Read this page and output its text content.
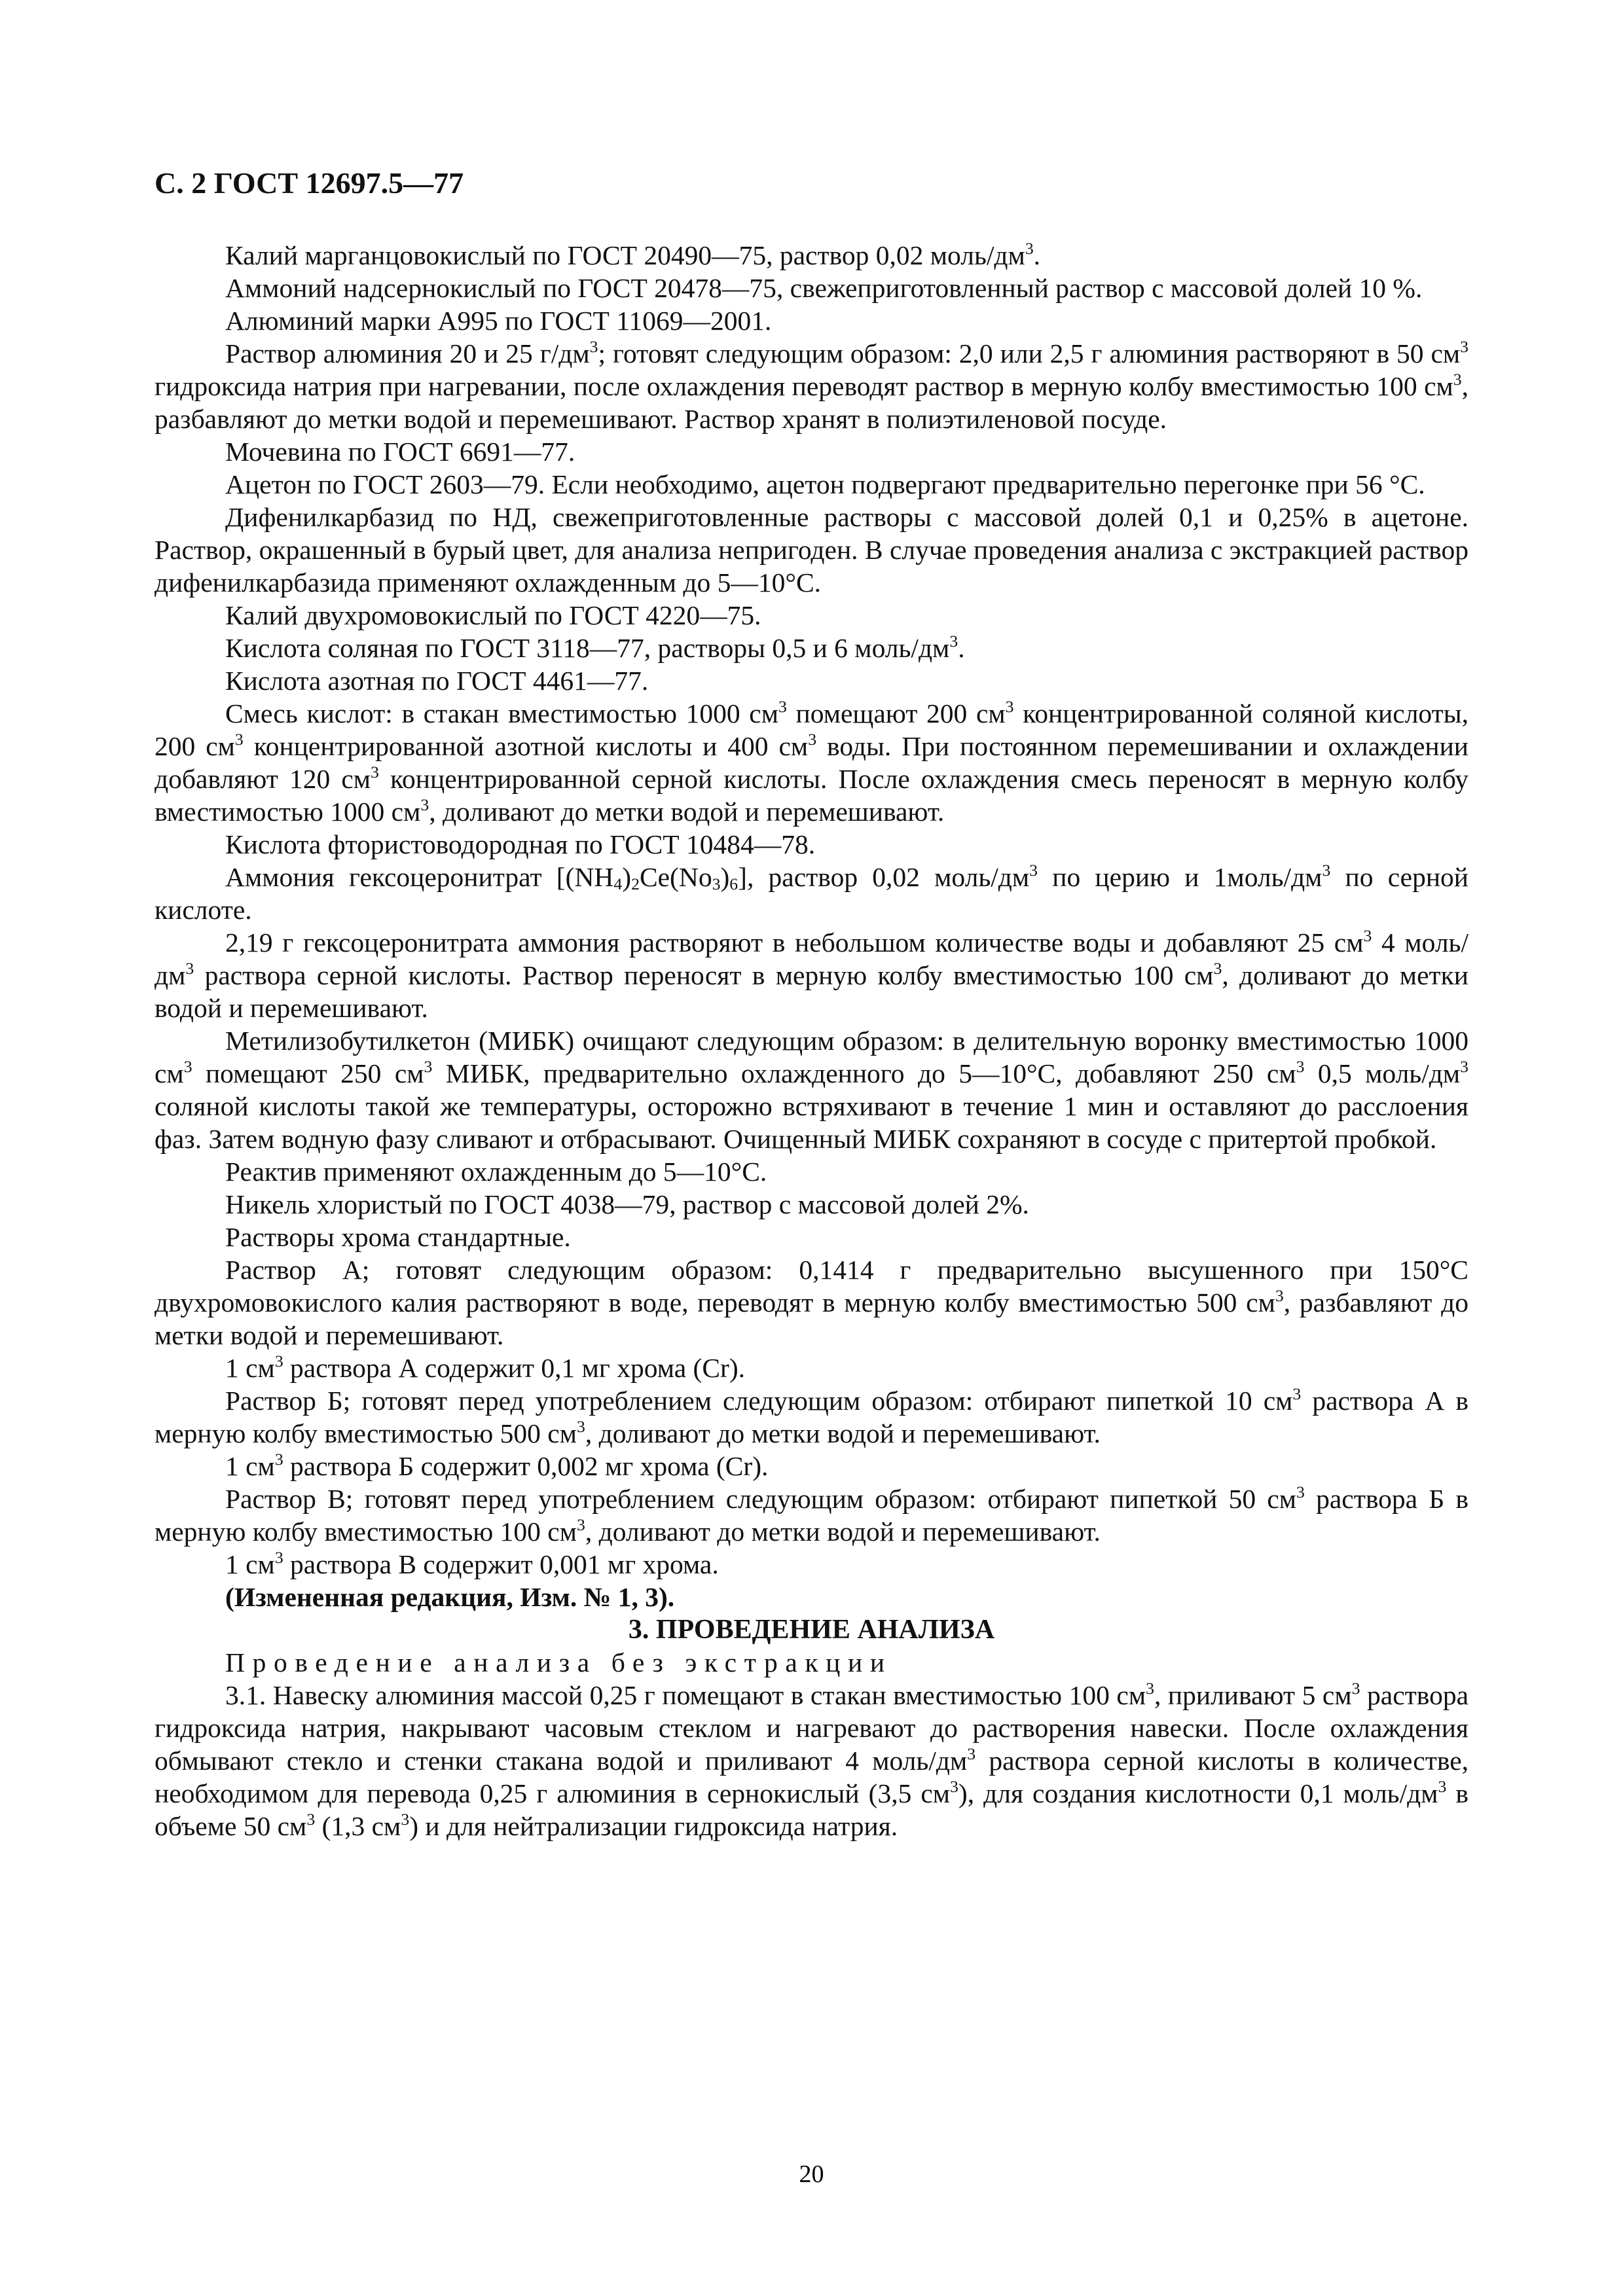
С. 2 ГОСТ 12697.5—77

Калий марганцовокислый по ГОСТ 20490—75, раствор 0,02 моль/$дм^3$.

Аммоний надсернокислый по ГОСТ 20478—75, свежеприготовленный раствор с массовой долей 10 %.

Алюминий марки А995 по ГОСТ 11069—2001.

Раствор алюминия 20 и 25 $г/дм^3$; готовят следующим образом: 2,0 или 2,5 г алюминия растворяют в 50 $см^3$ гидроксида натрия при нагревании, после охлаждения переводят раствор в мерную колбу вместимостью 100 $см^3$, разбавляют до метки водой и перемешивают. Раствор хранят в полиэтиленовой посуде.

Мочевина по ГОСТ 6691—77.

Ацетон по ГОСТ 2603—79. Если необходимо, ацетон подвергают предварительно перегонке при 56 °С.

Дифенилкарбазид по НД, свежеприготовленные растворы с массовой долей 0,1 и 0,25% в ацетоне. Раствор, окрашенный в бурый цвет, для анализа непригоден. В случае проведения анализа с экстракцией раствор дифенилкарбазида применяют охлажденным до 5—10°С.

Калий двухромовокислый по ГОСТ 4220—75.

Кислота соляная по ГОСТ 3118—77, растворы 0,5 и 6 моль/$дм^3$.

Кислота азотная по ГОСТ 4461—77.

Смесь кислот: в стакан вместимостью 1000 $см^3$ помещают 200 $см^3$ концентрированной соляной кислоты, 200 $см^3$ концентрированной азотной кислоты и 400 $см^3$ воды. При постоянном перемешивании и охлаждении добавляют 120 $см^3$ концентрированной серной кислоты. После охлаждения смесь переносят в мерную колбу вместимостью 1000 $см^3$, доливают до метки водой и перемешивают.

Кислота фтористоводородная по ГОСТ 10484—78.

Аммония гексоцеронитрат $[(NH_4)_2Ce(No_3)_6]$, раствор 0,02 моль/$дм^3$ по церию и $1моль/дм^3$ по серной кислоте.

2,19 г гексоцеронитрата аммония растворяют в небольшом количестве воды и добавляют 25 $см^3$ 4 моль/$дм^3$ раствора серной кислоты. Раствор переносят в мерную колбу вместимостью 100 $см^3$, доливают до метки водой и перемешивают.

Метилизобутилкетон (МИБК) очищают следующим образом: в делительную воронку вместимостью 1000 $см^3$ помещают 250 $см^3$ МИБК, предварительно охлажденного до 5—10°С, добавляют 250 $см^3$ 0,5 моль/$дм^3$ соляной кислоты такой же температуры, осторожно встряхивают в течение 1 мин и оставляют до расслоения фаз. Затем водную фазу сливают и отбрасывают. Очищенный МИБК сохраняют в сосуде с притертой пробкой.

Реактив применяют охлажденным до 5—10°С.

Никель хлористый по ГОСТ 4038—79, раствор с массовой долей 2%.

Растворы хрома стандартные.

Раствор А; готовят следующим образом: 0,1414 г предварительно высушенного при 150°С двухромовокислого калия растворяют в воде, переводят в мерную колбу вместимостью 500 $см^3$, разбавляют до метки водой и перемешивают.

1 $см^3$ раствора А содержит 0,1 мг хрома (Cr).

Раствор Б; готовят перед употреблением следующим образом: отбирают пипеткой 10 $см^3$ раствора А в мерную колбу вместимостью 500 $см^3$, доливают до метки водой и перемешивают.

1 $см^3$ раствора Б содержит 0,002 мг хрома (Cr).

Раствор В; готовят перед употреблением следующим образом: отбирают пипеткой 50 $см^3$ раствора Б в мерную колбу вместимостью 100 $см^3$, доливают до метки водой и перемешивают.

1 $см^3$ раствора В содержит 0,001 мг хрома.

(Измененная редакция, Изм. № 1, 3).

3. ПРОВЕДЕНИЕ АНАЛИЗА

Проведение анализа без экстракции

3.1. Навеску алюминия массой 0,25 г помещают в стакан вместимостью 100 $см^3$, приливают 5 $см^3$ раствора гидроксида натрия, накрывают часовым стеклом и нагревают до растворения навески. После охлаждения обмывают стекло и стенки стакана водой и приливают 4 моль/$дм^3$ раствора серной кислоты в количестве, необходимом для перевода 0,25 г алюминия в сернокислый (3,5 $см^3$), для создания кислотности 0,1 моль/$дм^3$ в объеме 50 $см^3$ (1,3 $см^3$) и для нейтрализации гидроксида натрия.

20
